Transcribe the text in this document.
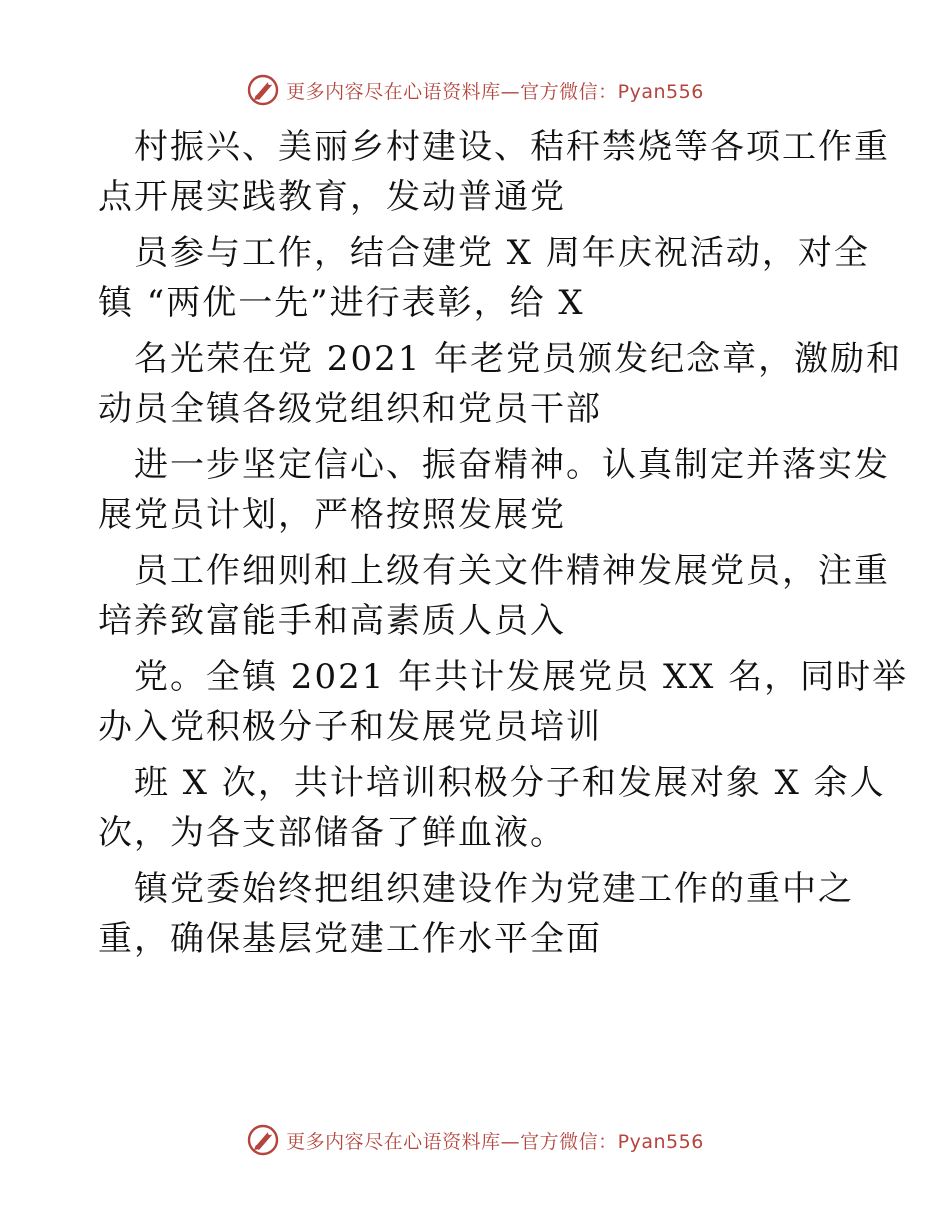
更多内容尽在心语资料库—官方微信：Pyan556
村振兴、美丽乡村建设、秸秆禁烧等各项工作重
点开展实践教育，发动普通党
员参与工作，结合建党 X 周年庆祝活动，对全
镇 “两优一先”进行表彰，给 X
名光荣在党 2021 年老党员颁发纪念章，激励和
动员全镇各级党组织和党员干部
进一步坚定信心、振奋精神。认真制定并落实发
展党员计划，严格按照发展党
员工作细则和上级有关文件精神发展党员，注重
培养致富能手和高素质人员入
党。全镇 2021 年共计发展党员 XX 名，同时举
办入党积极分子和发展党员培训
班 X 次，共计培训积极分子和发展对象 X 余人
次，为各支部储备了鲜血液。
镇党委始终把组织建设作为党建工作的重中之
重，确保基层党建工作水平全面
更多内容尽在心语资料库—官方微信：Pyan556
